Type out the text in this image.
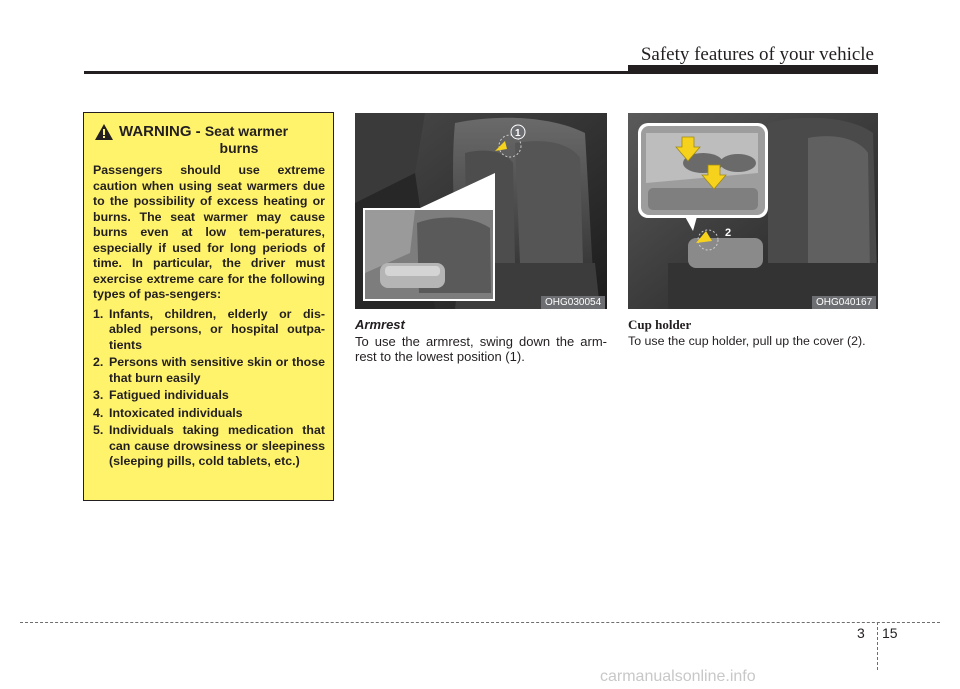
Safety features of your vehicle
WARNING - Seat warmer
burns
Passengers should use extreme caution when using seat warmers due to the possibility of excess heating or burns. The seat warmer may cause burns even at low tem-peratures, especially if used for long periods of time. In particular, the driver must exercise extreme care for the following types of pas-sengers:
1. Infants, children, elderly or dis-abled persons, or hospital outpa-tients
2. Persons with sensitive skin or those that burn easily
3. Fatigued individuals
4. Intoxicated individuals
5. Individuals taking medication that can cause drowsiness or sleepiness (sleeping pills, cold tablets, etc.)
1
OHG030054
2
OHG040167
Armrest
To use the armrest, swing down the arm-rest to the lowest position (1).
Cup holder
To use the cup holder, pull up the cover (2).
3 15
carmanualsonline.info
